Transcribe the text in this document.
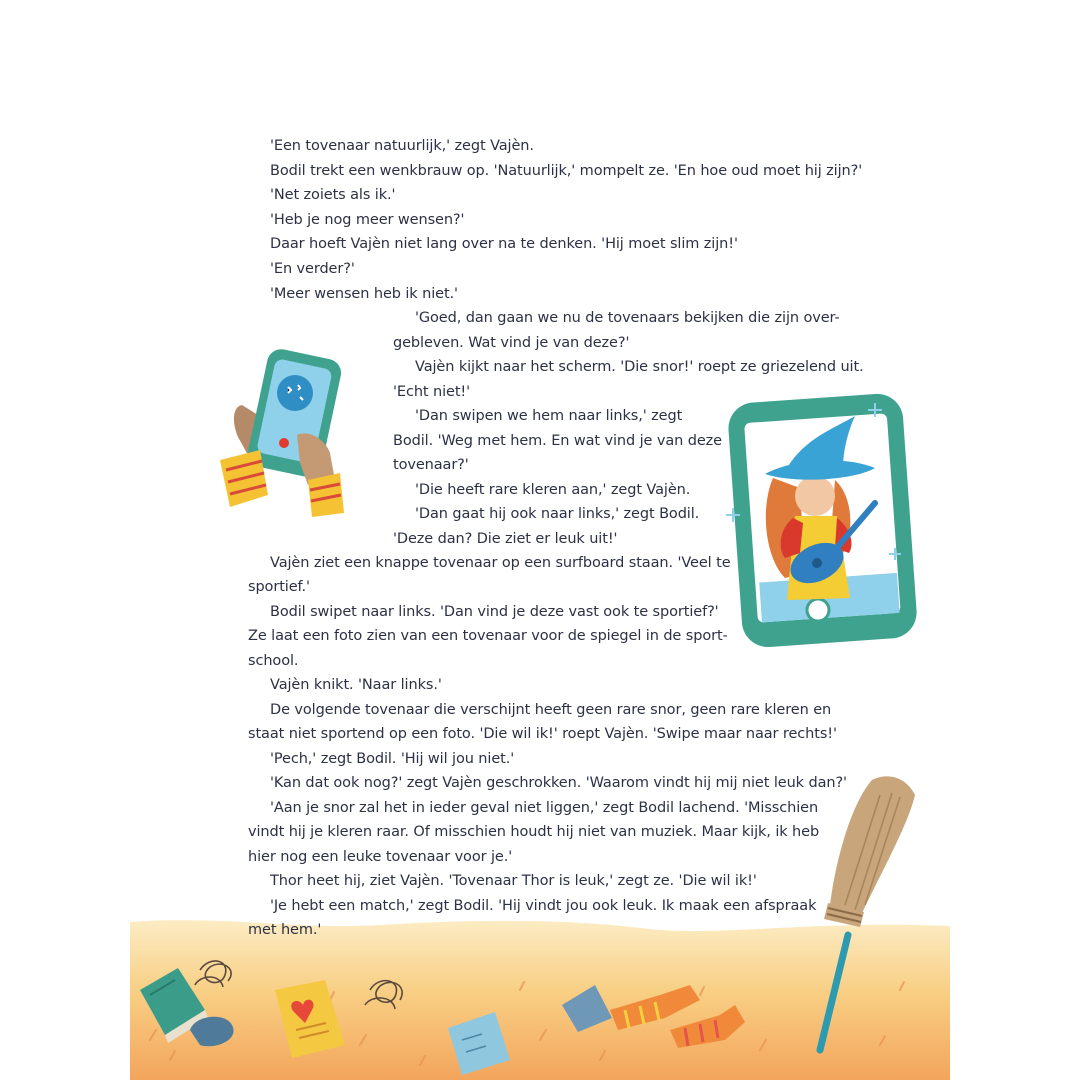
'Een tovenaar natuurlijk,' zegt Vajèn.

Bodil trekt een wenkbrauw op. 'Natuurlijk,' mompelt ze. 'En hoe oud moet hij zijn?'

'Net zoiets als ik.'

'Heb je nog meer wensen?'

Daar hoeft Vajèn niet lang over na te denken. 'Hij moet slim zijn!'

'En verder?'

'Meer wensen heb ik niet.'

'Goed, dan gaan we nu de tovenaars bekijken die zijn over-

gebleven. Wat vind je van deze?'

Vajèn kijkt naar het scherm. 'Die snor!' roept ze griezelend uit.

'Echt niet!'

'Dan swipen we hem naar links,' zegt

Bodil. 'Weg met hem. En wat vind je van deze

tovenaar?'

'Die heeft rare kleren aan,' zegt Vajèn.

'Dan gaat hij ook naar links,' zegt Bodil.

'Deze dan? Die ziet er leuk uit!'

Vajèn ziet een knappe tovenaar op een surfboard staan. 'Veel te

sportief.'

Bodil swipet naar links. 'Dan vind je deze vast ook te sportief?'

Ze laat een foto zien van een tovenaar voor de spiegel in de sport-

school.

Vajèn knikt. 'Naar links.'

De volgende tovenaar die verschijnt heeft geen rare snor, geen rare kleren en

staat niet sportend op een foto. 'Die wil ik!' roept Vajèn. 'Swipe maar naar rechts!'

'Pech,' zegt Bodil. 'Hij wil jou niet.'

'Kan dat ook nog?' zegt Vajèn geschrokken. 'Waarom vindt hij mij niet leuk dan?'

'Aan je snor zal het in ieder geval niet liggen,' zegt Bodil lachend. 'Misschien

vindt hij je kleren raar. Of misschien houdt hij niet van muziek. Maar kijk, ik heb

hier nog een leuke tovenaar voor je.'

Thor heet hij, ziet Vajèn. 'Tovenaar Thor is leuk,' zegt ze. 'Die wil ik!'

'Je hebt een match,' zegt Bodil. 'Hij vindt jou ook leuk. Ik maak een afspraak

met hem.'
